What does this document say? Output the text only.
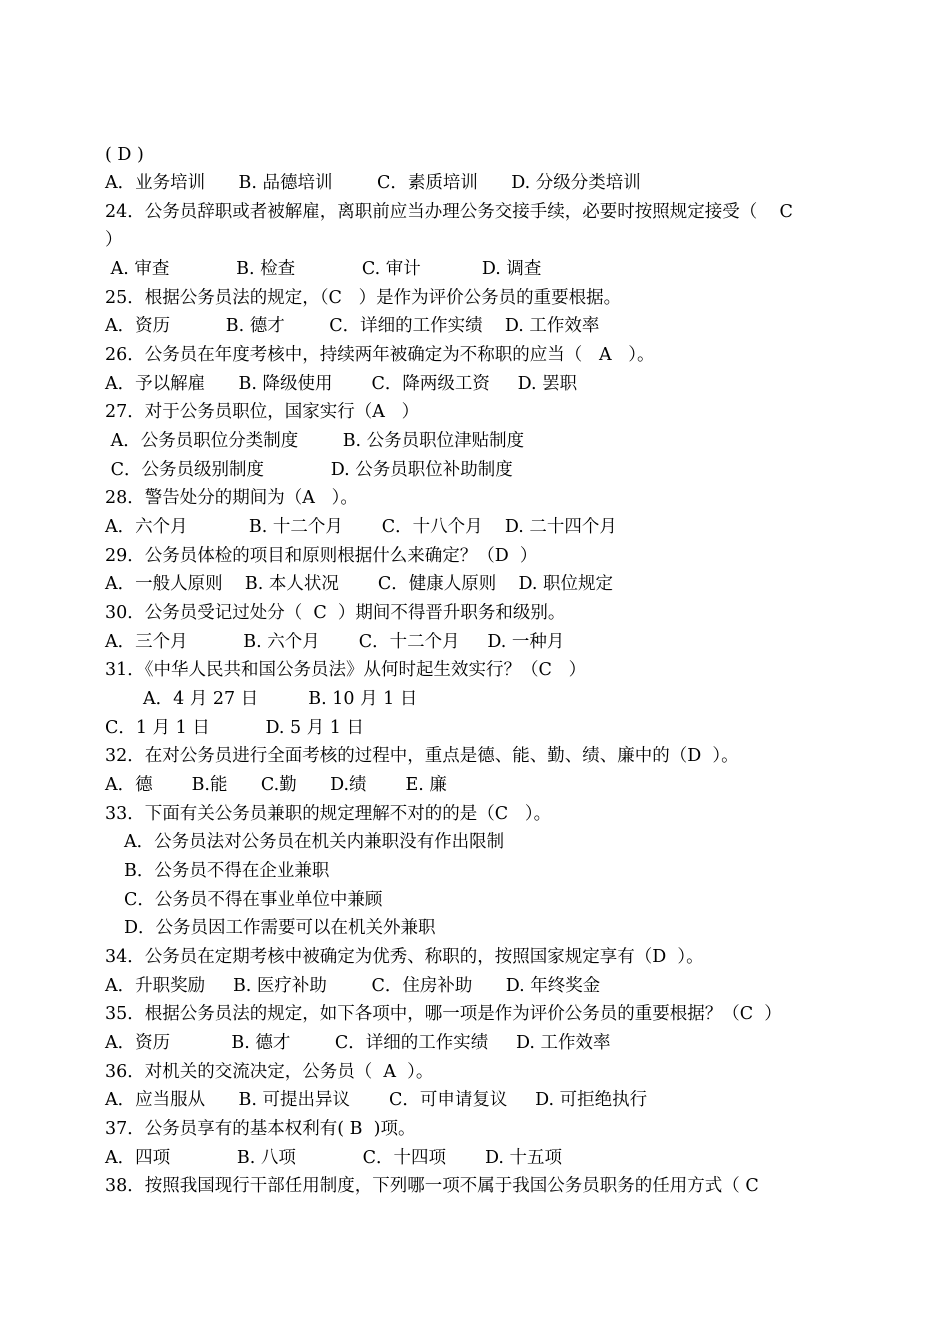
( D )
A．业务培训      B. 品德培训        C．素质培训      D. 分级分类培训
24．公务员辞职或者被解雇，离职前应当办理公务交接手续，必要时按照规定接受（    C
）
A. 审查            B. 检查            C. 审计           D. 调查
25．根据公务员法的规定，（C   ）是作为评价公务员的重要根据。
A．资历          B. 德才        C．详细的工作实绩    D. 工作效率
26．公务员在年度考核中，持续两年被确定为不称职的应当（   A   ）。
A．予以解雇      B. 降级使用       C．降两级工资     D. 罢职
27．对于公务员职位，国家实行（A   ）
A．公务员职位分类制度        B. 公务员职位津贴制度
C．公务员级别制度            D. 公务员职位补助制度
28．警告处分的期间为（A   ）。
A．六个月           B. 十二个月       C．十八个月    D. 二十四个月
29．公务员体检的项目和原则根据什么来确定？（D  ）
A．一般人原则    B. 本人状况       C．健康人原则    D. 职位规定
30．公务员受记过处分（  C  ）期间不得晋升职务和级别。
A．三个月          B. 六个月       C．十二个月     D. 一种月
31．《中华人民共和国公务员法》从何时起生效实行？（C   ）
A．4 月 27 日         B. 10 月 1 日
C．1 月 1 日          D. 5 月 1 日
32．在对公务员进行全面考核的过程中，重点是德、能、勤、绩、廉中的（D  ）。
A．德       B.能      C.勤      D.绩       E. 廉
33．下面有关公务员兼职的规定理解不对的的是（C   ）。
A．公务员法对公务员在机关内兼职没有作出限制
B．公务员不得在企业兼职
C．公务员不得在事业单位中兼顾
D．公务员因工作需要可以在机关外兼职
34．公务员在定期考核中被确定为优秀、称职的，按照国家规定享有（D  ）。
A．升职奖励     B. 医疗补助        C．住房补助      D. 年终奖金
35．根据公务员法的规定，如下各项中，哪一项是作为评价公务员的重要根据？（C  ）
A．资历           B. 德才        C．详细的工作实绩     D. 工作效率
36．对机关的交流决定，公务员（  A  ）。
A．应当服从      B. 可提出异议       C．可申请复议     D. 可拒绝执行
37．公务员享有的基本权利有( B  )项。
A．四项            B. 八项            C．十四项       D. 十五项
38．按照我国现行干部任用制度，下列哪一项不属于我国公务员职务的任用方式（ C
